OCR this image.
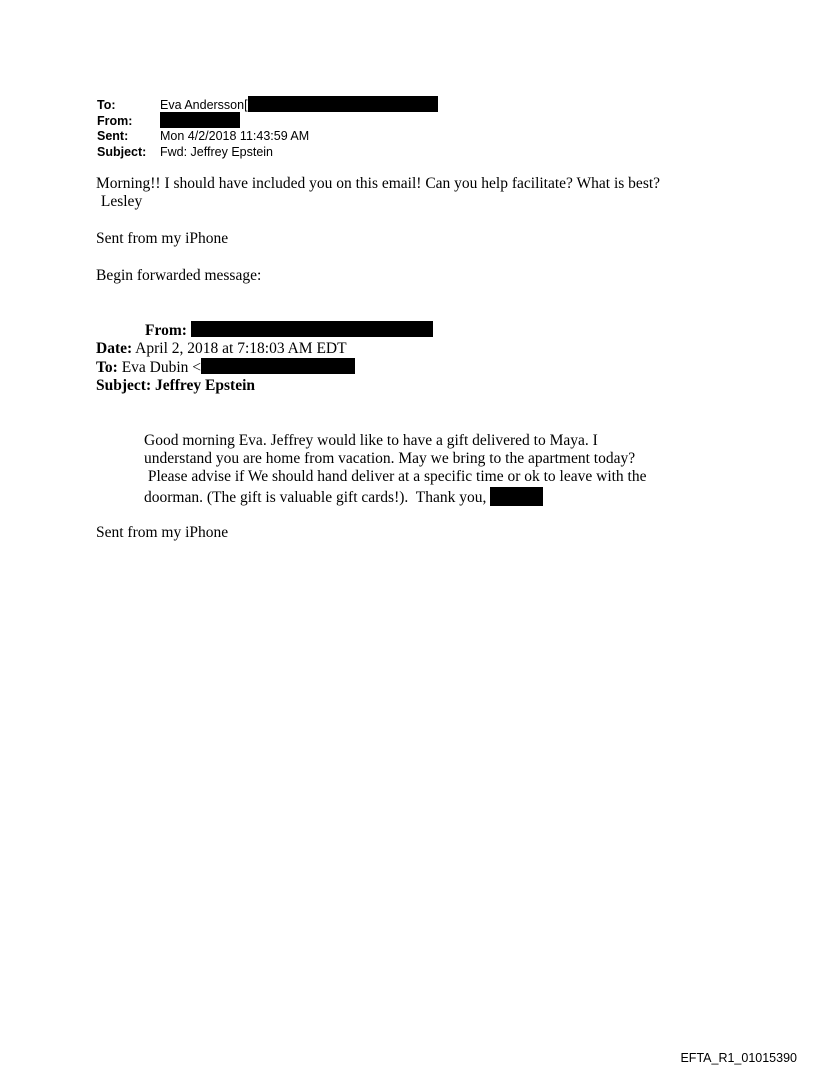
To:	Eva Andersson[
From:
Sent:	Mon 4/2/2018 11:43:59 AM
Subject:	Fwd: Jeffrey Epstein
Morning!! I should have included you on this email! Can you help facilitate? What is best?
Lesley
Sent from my iPhone
Begin forwarded message:
From:
Date: April 2, 2018 at 7:18:03 AM EDT
To: Eva Dubin <
Subject: Jeffrey Epstein
Good morning Eva. Jeffrey would like to have a gift delivered to Maya. I
understand you are home from vacation. May we bring to the apartment today?
Please advise if We should hand deliver at a specific time or ok to leave with the
doorman. (The gift is valuable gift cards!).  Thank you,
Sent from my iPhone
EFTA_R1_01015390
